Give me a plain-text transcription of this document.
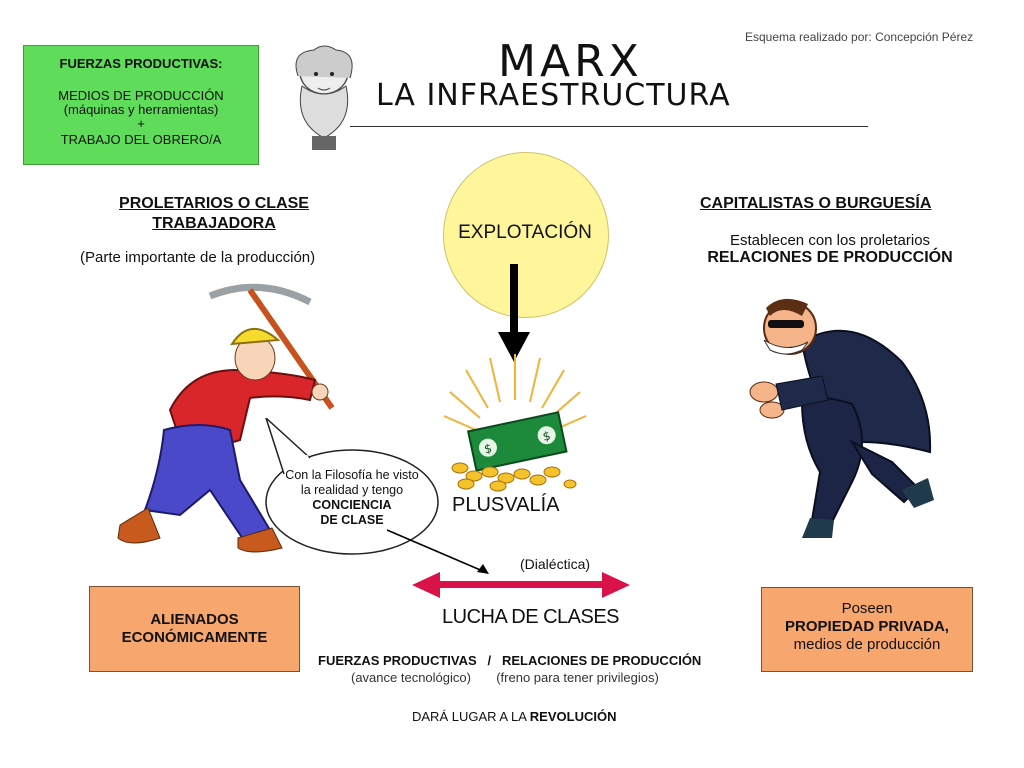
FUERZAS PRODUCTIVAS:
MEDIOS DE PRODUCCIÓN
(máquinas y herramientas)
+
TRABAJO DEL OBRERO/A
Esquema realizado por: Concepción Pérez
MARX
LA INFRAESTRUCTURA
PROLETARIOS O CLASE
TRABAJADORA
(Parte importante de la producción)
CAPITALISTAS O BURGUESÍA
Establecen con los proletarios
RELACIONES DE PRODUCCIÓN
EXPLOTACIÓN
$
$
PLUSVALÍA
Con la Filosofía he visto
la realidad y tengo
CONCIENCIA
DE CLASE
(Dialéctica)
LUCHA DE CLASES
ALIENADOS
ECONÓMICAMENTE
Poseen
PROPIEDAD PRIVADA,
medios de producción
FUERZAS PRODUCTIVAS / RELACIONES DE PRODUCCIÓN
(avance tecnológico) (freno para tener privilegios)
DARÁ LUGAR A LA REVOLUCIÓN
